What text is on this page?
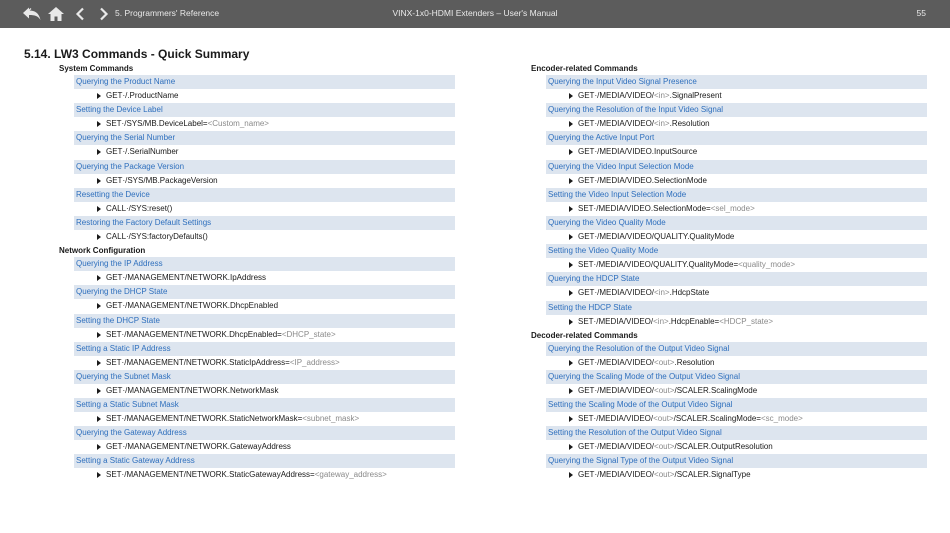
5. Programmers' Reference	VINX-1x0-HDMI Extenders – User's Manual	55
5.14. LW3 Commands - Quick Summary
System Commands
Querying the Product Name
GET·/.ProductName
Setting the Device Label
SET·/SYS/MB.DeviceLabel=<Custom_name>
Querying the Serial Number
GET·/.SerialNumber
Querying the Package Version
GET·/SYS/MB.PackageVersion
Resetting the Device
CALL·/SYS:reset()
Restoring the Factory Default Settings
CALL·/SYS:factoryDefaults()
Network Configuration
Querying the IP Address
GET·/MANAGEMENT/NETWORK.IpAddress
Querying the DHCP State
GET·/MANAGEMENT/NETWORK.DhcpEnabled
Setting the DHCP State
SET·/MANAGEMENT/NETWORK.DhcpEnabled=<DHCP_state>
Setting a Static IP Address
SET·/MANAGEMENT/NETWORK.StaticIpAddress=<IP_address>
Querying the Subnet Mask
GET·/MANAGEMENT/NETWORK.NetworkMask
Setting a Static Subnet Mask
SET·/MANAGEMENT/NETWORK.StaticNetworkMask=<subnet_mask>
Querying the Gateway Address
GET·/MANAGEMENT/NETWORK.GatewayAddress
Setting a Static Gateway Address
SET·/MANAGEMENT/NETWORK.StaticGatewayAddress=<gateway_address>
Encoder-related Commands
Querying the Input Video Signal Presence
GET·/MEDIA/VIDEO/<in>.SignalPresent
Querying the Resolution of the Input Video Signal
GET·/MEDIA/VIDEO/<in>.Resolution
Querying the Active Input Port
GET·/MEDIA/VIDEO.InputSource
Querying the Video Input Selection Mode
GET·/MEDIA/VIDEO.SelectionMode
Setting the Video Input Selection Mode
SET·/MEDIA/VIDEO.SelectionMode=<sel_mode>
Querying the Video Quality Mode
GET·/MEDIA/VIDEO/QUALITY.QualityMode
Setting the Video Quality Mode
SET·/MEDIA/VIDEO/QUALITY.QualityMode=<quality_mode>
Querying the HDCP State
GET·/MEDIA/VIDEO/<in>.HdcpState
Setting the HDCP State
SET·/MEDIA/VIDEO/<in>.HdcpEnable=<HDCP_state>
Decoder-related Commands
Querying the Resolution of the Output Video Signal
GET·/MEDIA/VIDEO/<out>.Resolution
Querying the Scaling Mode of the Output Video Signal
GET·/MEDIA/VIDEO/<out>/SCALER.ScalingMode
Setting the Scaling Mode of the Output Video Signal
SET·/MEDIA/VIDEO/<out>/SCALER.ScalingMode=<sc_mode>
Setting the Resolution of the Output Video Signal
GET·/MEDIA/VIDEO/<out>/SCALER.OutputResolution
Querying the Signal Type of the Output Video Signal
GET·/MEDIA/VIDEO/<out>/SCALER.SignalType
